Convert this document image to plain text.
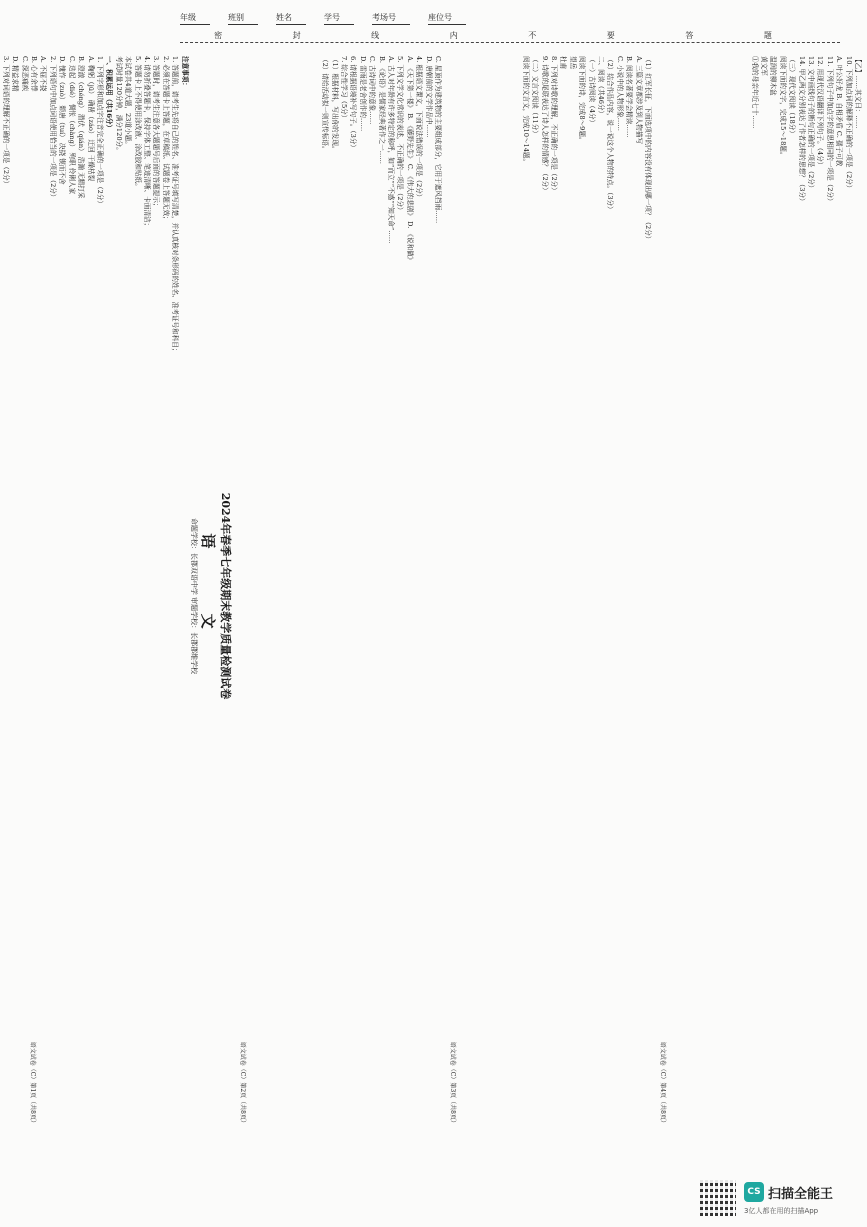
年级	班别	姓名	学号	考场号	座位号
密 封 线 内 不 要 答 题

2024年春季七年级期末教学质量检测试卷

语 文

命题学校：长郡双语中学 审题学校：长郡郡维学校

注意事项：

1. 答题前，请考生先将自己的姓名、准考证号填写清楚，并认真核对条形码的姓名、准考证号和科目；

2. 必须在答题卡上答题，在草稿纸、试题卷上答题无效；

3. 答题时，请考生注意各大题题号后面的答题提示；

4. 请勿折叠答题卡，保持字体工整、笔迹清晰、卡面清洁；

5. 答题卡上不得使用涂改液、涂改胶和贴纸。

本试卷共4道大题，23道小题。

考试时量120分钟，满分120分。

一、积累运用（共16分）

1. 下列字形和加点字注音完全正确的一项是（2分）

A. 鞠躬（jū） 确凿（záo） 迂回 干燥枯裂

B. 澄澈（chéng） 潜伏（qián） 浩瀚 无精打采

C. 迭起（dié） 惆怅（chàng） 殉职 伶俐人家

D. 愧怍（zuò） 颓唐（tuí） 决挠 锲而不舍

2. 下列语句中加点词语使用恰当的一项是（2分）

A. 不屈不挠

B. 心有余悸

C. 深恶痛疾

D. 精益求精

3. 下列对词语的理解不正确的一项是（2分）

语文试卷（C）第1页（共8页）

C. 屋顶作为建筑物的主要组成部分，它用于遮风挡雨……

D. 唐朝前的文学作品中……

4. 根据语文课文，下面说法错误的一项是（2分）

A. 《天下第一楼》 B. 《藤野先生》 C. 《伟大的悲剧》 D. 《说和做》

5. 下列文学文化常识的表述，不正确的一项是（2分）

A. 古人对年龄有许多特定的称呼，如“而立”“不惑”“知天命”……

B. 《论语》是儒家经典著作之一……

C. 古诗词中的意象……

D. 雷雨是老舍创作的……

6. 请根据语境补写句子。（3分）

7. 综合性学习（5分）

（1）根据材料，写出你的发现。

（2）请给活动拟一则宣传标语。

语文试卷（C）第2页（共8页）

（1）红军长征，下面选项中的内容没有体现出哪一项？（2分）

A. 三篇文章都涉及到人物描写

B. 阅读名著要学会精读……

C. 小说中的人物形象……

（2）结合作品内容，说一说这个人物的特点。（3分）

二、阅读（共46分）

（一）古诗阅读（4分）

阅读下面的诗，完成8～9题。

望岳

杜甫

8. 下列对诗歌的理解，不正确的一项是（2分）

9. 诗歌的尾联表达了诗人怎样的情感？（2分）

（二）文言文阅读（11分）

阅读下面的文言文，完成10～14题。

语文试卷（C）第3页（共8页）

【乙】……其文曰：……

10. 下列加点词的解释不正确的一项是（2分）

A. 叶公好龙 B. 自相矛盾 C. 孺子可教

11. 下列句子中加点字的意思相同的一项是（2分）

12. 用现代汉语翻译下列句子。（4分）

13. 文中画线句子的断句正确的一项是（2分）

14. 甲乙两文分别表达了作者怎样的思想？（3分）

（三）现代文阅读（18分）

阅读下面的文字，完成15～18题。

温润的柳木盆

黄文军

①我的母亲年近七十……

语文试卷（C）第4页（共8页）
CS 扫描全能王
3亿人都在用的扫描App
